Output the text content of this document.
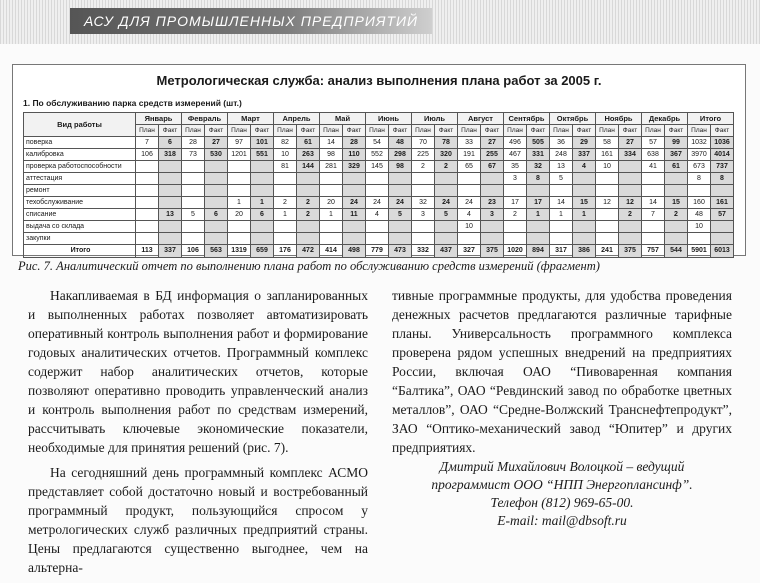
АСУ ДЛЯ ПРОМЫШЛЕННЫХ ПРЕДПРИЯТИЙ
Метрологическая служба: анализ выполнения плана работ за 2005 г.
1. По обслуживанию парка средств измерений (шт.)
Вид работы	Январь		Февраль		Март		Апрель		Май		Июнь		Июль		Август		Сентябрь		Октябрь		Ноябрь		Декабрь		Итого	
	План	Факт	План	Факт	План	Факт	План	Факт	План	Факт	План	Факт	План	Факт	План	Факт	План	Факт	План	Факт	План	Факт	План	Факт	План	Факт
поверка	7	6	28	27	97	101	82	61	14	28	54	48	70	78	33	27	496	505	36	29	58	27	57	99	1032	1036
калибровка	106	318	73	530	1201	551	10	263	98	110	552	298	225	320	191	255	467	331	248	337	161	334	638	367	3970	4014
проверка работоспособности							81	144	281	329	145	98	2	2	65	67	35	32	13	4	10		41	61	673	737
аттестация																	3	8	5						8	8
ремонт																										
техобслуживание					1	1	2	2	20	24	24	24	32	24	24	23	17	17	14	15	12	12	14	15	160	161
списание		13	5	6	20	6	1	2	1	11	4	5	3	5	4	3	2	1	1	1		2	7	2	48	57
выдача со склада															10										10	
закупки																										
Итого	113	337	106	563	1319	659	176	472	414	498	779	473	332	437	327	375	1020	894	317	386	241	375	757	544	5901	6013
Рис. 7. Аналитический отчет по выполнению плана работ по обслуживанию средств измерений (фрагмент)

Накапливаемая в БД информация о запланированных и выполненных работах позволяет автоматизировать оперативный контроль выполнения работ и формирование годовых аналитических отчетов. Программный комплекс содержит набор аналитических отчетов, которые позволяют оперативно проводить управленческий анализ и контроль выполнения работ по средствам измерений, рассчитывать ключевые экономические показатели, необходимые для принятия решений (рис. 7).

На сегодняшний день программный комплекс АСМО представляет собой достаточно новый и востребованный программный продукт, пользующийся спросом у метрологических служб различных предприятий страны. Цены предлагаются существенно выгоднее, чем на альтерна-

тивные программные продукты, для удобства проведения денежных расчетов предлагаются различные тарифные планы. Универсальность программного комплекса проверена рядом успешных внедрений на предприятиях России, включая ОАО “Пивоваренная компания “Балтика”, ОАО “Ревдинский завод по обработке цветных металлов”, ОАО “Средне-Волжский Транснефтепродукт”, ЗАО “Оптико-механический завод “Юпитер” и других предприятиях.

Дмитрий Михайлович Волоцкой – ведущий
программист ООО “НПП Энергоплансинф”.
Телефон (812) 969-65-00.
E-mail: mail@dbsoft.ru
